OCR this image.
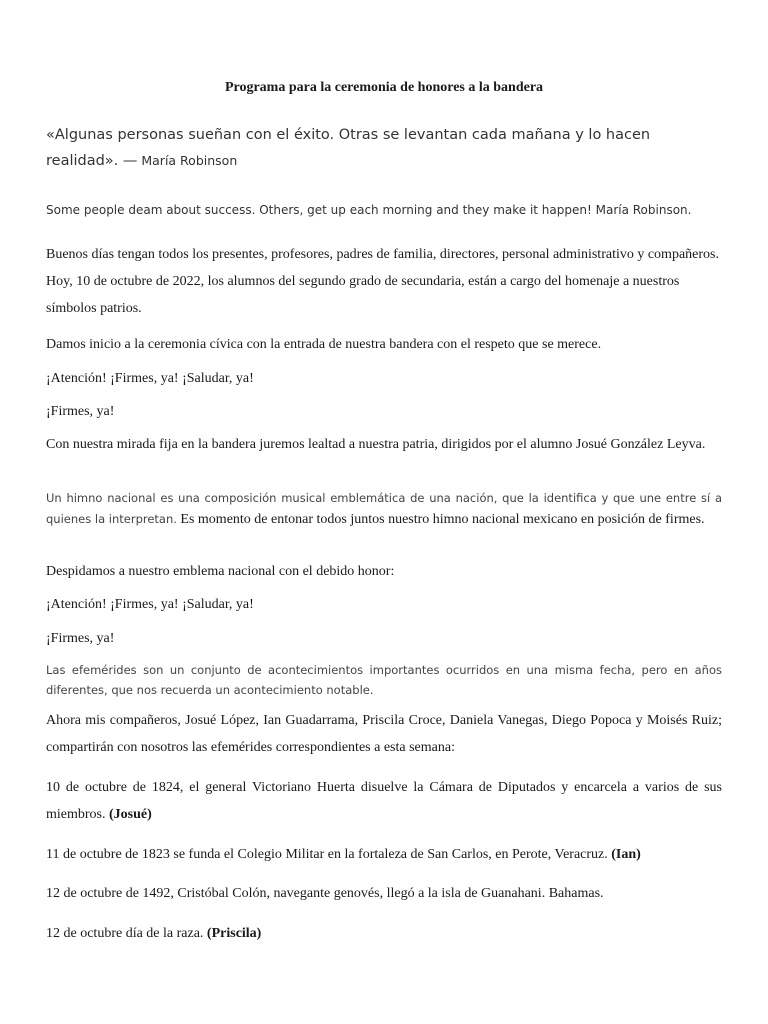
Programa para la ceremonia de honores a la bandera

«Algunas personas sueñan con el éxito. Otras se levantan cada mañana y lo hacen realidad». — María Robinson

Some people deam about success. Others, get up each morning and they make it happen! María Robinson.

Buenos días tengan todos los presentes, profesores, padres de familia, directores, personal administrativo y compañeros. Hoy, 10 de octubre de 2022, los alumnos del segundo grado de secundaria, están a cargo del homenaje a nuestros símbolos patrios.

Damos inicio a la ceremonia cívica con la entrada de nuestra bandera con el respeto que se merece.

¡Atención! ¡Firmes, ya! ¡Saludar, ya!

¡Firmes, ya!

Con nuestra mirada fija en la bandera juremos lealtad a nuestra patria, dirigidos por el alumno Josué González Leyva.

Un himno nacional es una composición musical emblemática de una nación, que la identifica y que une entre sí a quienes la interpretan. Es momento de entonar todos juntos nuestro himno nacional mexicano en posición de firmes.

Despidamos a nuestro emblema nacional con el debido honor:

¡Atención! ¡Firmes, ya! ¡Saludar, ya!

¡Firmes, ya!

Las efemérides son un conjunto de acontecimientos importantes ocurridos en una misma fecha, pero en años diferentes, que nos recuerda un acontecimiento notable.

Ahora mis compañeros, Josué López, Ian Guadarrama, Priscila Croce, Daniela Vanegas, Diego Popoca y Moisés Ruiz; compartirán con nosotros las efemérides correspondientes a esta semana:

10 de octubre de 1824, el general Victoriano Huerta disuelve la Cámara de Diputados y encarcela a varios de sus miembros. (Josué)

11 de octubre de 1823 se funda el Colegio Militar en la fortaleza de San Carlos, en Perote, Veracruz. (Ian)

12 de octubre de 1492, Cristóbal Colón, navegante genovés, llegó a la isla de Guanahani. Bahamas.

12 de octubre día de la raza. (Priscila)
